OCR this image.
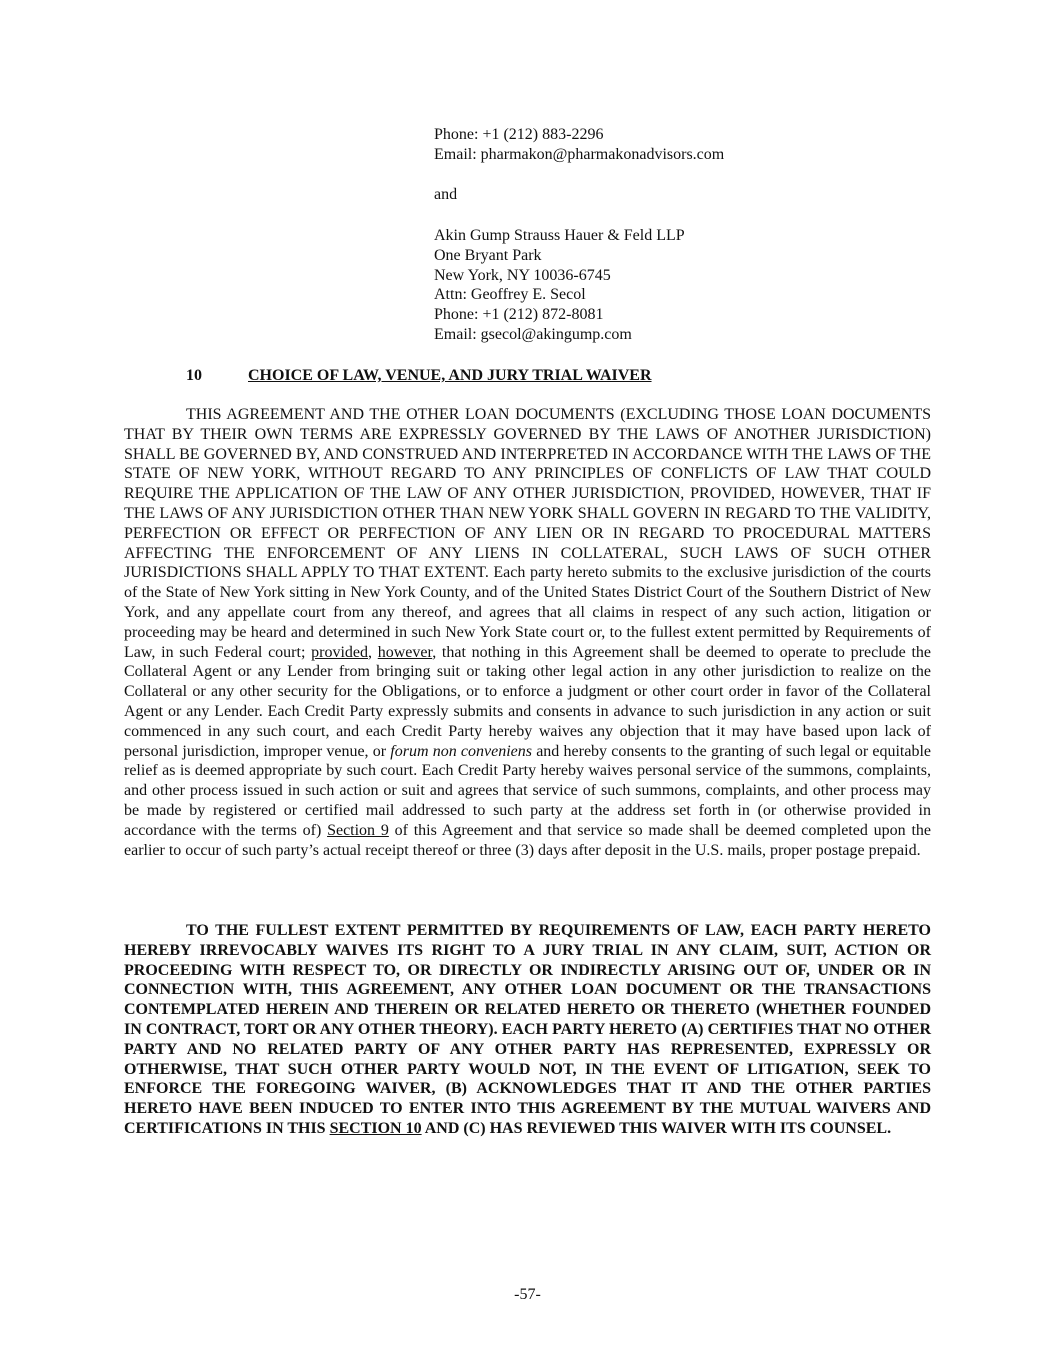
Phone: +1 (212) 883-2296
Email: pharmakon@pharmakonadvisors.com
and
Akin Gump Strauss Hauer & Feld LLP
One Bryant Park
New York, NY 10036-6745
Attn: Geoffrey E. Secol
Phone: +1 (212) 872-8081
Email: gsecol@akingump.com
10	CHOICE OF LAW, VENUE, AND JURY TRIAL WAIVER
THIS AGREEMENT AND THE OTHER LOAN DOCUMENTS (EXCLUDING THOSE LOAN DOCUMENTS THAT BY THEIR OWN TERMS ARE EXPRESSLY GOVERNED BY THE LAWS OF ANOTHER JURISDICTION) SHALL BE GOVERNED BY, AND CONSTRUED AND INTERPRETED IN ACCORDANCE WITH THE LAWS OF THE STATE OF NEW YORK, WITHOUT REGARD TO ANY PRINCIPLES OF CONFLICTS OF LAW THAT COULD REQUIRE THE APPLICATION OF THE LAW OF ANY OTHER JURISDICTION, PROVIDED, HOWEVER, THAT IF THE LAWS OF ANY JURISDICTION OTHER THAN NEW YORK SHALL GOVERN IN REGARD TO THE VALIDITY, PERFECTION OR EFFECT OR PERFECTION OF ANY LIEN OR IN REGARD TO PROCEDURAL MATTERS AFFECTING THE ENFORCEMENT OF ANY LIENS IN COLLATERAL, SUCH LAWS OF SUCH OTHER JURISDICTIONS SHALL APPLY TO THAT EXTENT. Each party hereto submits to the exclusive jurisdiction of the courts of the State of New York sitting in New York County, and of the United States District Court of the Southern District of New York, and any appellate court from any thereof, and agrees that all claims in respect of any such action, litigation or proceeding may be heard and determined in such New York State court or, to the fullest extent permitted by Requirements of Law, in such Federal court; provided, however, that nothing in this Agreement shall be deemed to operate to preclude the Collateral Agent or any Lender from bringing suit or taking other legal action in any other jurisdiction to realize on the Collateral or any other security for the Obligations, or to enforce a judgment or other court order in favor of the Collateral Agent or any Lender. Each Credit Party expressly submits and consents in advance to such jurisdiction in any action or suit commenced in any such court, and each Credit Party hereby waives any objection that it may have based upon lack of personal jurisdiction, improper venue, or forum non conveniens and hereby consents to the granting of such legal or equitable relief as is deemed appropriate by such court. Each Credit Party hereby waives personal service of the summons, complaints, and other process issued in such action or suit and agrees that service of such summons, complaints, and other process may be made by registered or certified mail addressed to such party at the address set forth in (or otherwise provided in accordance with the terms of) Section 9 of this Agreement and that service so made shall be deemed completed upon the earlier to occur of such party’s actual receipt thereof or three (3) days after deposit in the U.S. mails, proper postage prepaid.
TO THE FULLEST EXTENT PERMITTED BY REQUIREMENTS OF LAW, EACH PARTY HERETO HEREBY IRREVOCABLY WAIVES ITS RIGHT TO A JURY TRIAL IN ANY CLAIM, SUIT, ACTION OR PROCEEDING WITH RESPECT TO, OR DIRECTLY OR INDIRECTLY ARISING OUT OF, UNDER OR IN CONNECTION WITH, THIS AGREEMENT, ANY OTHER LOAN DOCUMENT OR THE TRANSACTIONS CONTEMPLATED HEREIN AND THEREIN OR RELATED HERETO OR THERETO (WHETHER FOUNDED IN CONTRACT, TORT OR ANY OTHER THEORY). EACH PARTY HERETO (A) CERTIFIES THAT NO OTHER PARTY AND NO RELATED PARTY OF ANY OTHER PARTY HAS REPRESENTED, EXPRESSLY OR OTHERWISE, THAT SUCH OTHER PARTY WOULD NOT, IN THE EVENT OF LITIGATION, SEEK TO ENFORCE THE FOREGOING WAIVER, (B) ACKNOWLEDGES THAT IT AND THE OTHER PARTIES HERETO HAVE BEEN INDUCED TO ENTER INTO THIS AGREEMENT BY THE MUTUAL WAIVERS AND CERTIFICATIONS IN THIS SECTION 10 AND (C) HAS REVIEWED THIS WAIVER WITH ITS COUNSEL.
-57-
